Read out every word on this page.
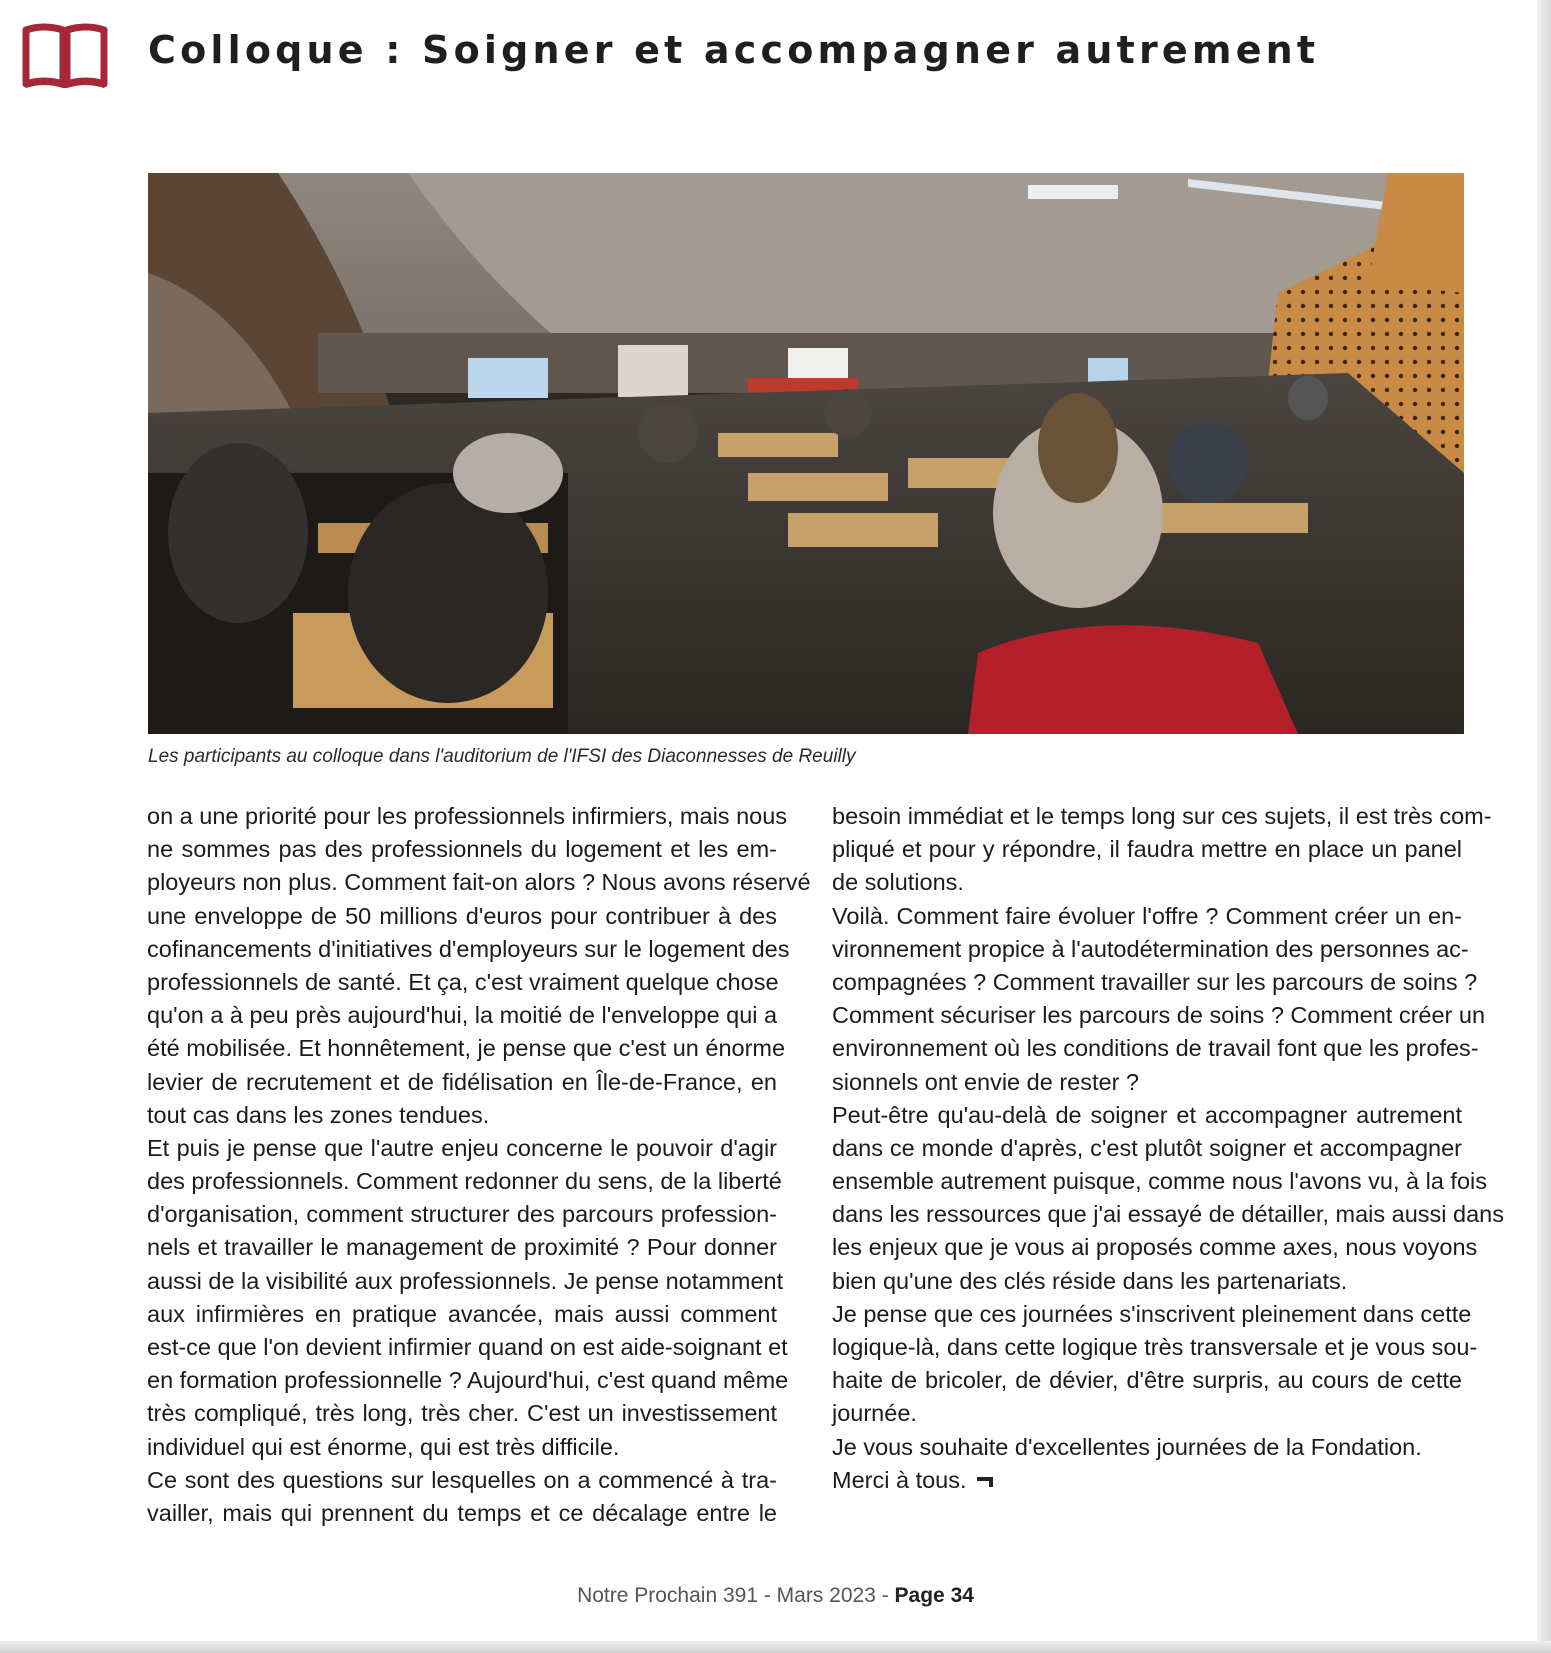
Colloque : Soigner et accompagner autrement
Les participants au colloque dans l'auditorium de l'IFSI des Diaconnesses de Reuilly
on a une priorité pour les professionnels infirmiers, mais nous
ne sommes pas des professionnels du logement et les em-
ployeurs non plus. Comment fait-on alors ? Nous avons réservé
une enveloppe de 50 millions d'euros pour contribuer à des
cofinancements d'initiatives d'employeurs sur le logement des
professionnels de santé. Et ça, c'est vraiment quelque chose
qu'on a à peu près aujourd'hui, la moitié de l'enveloppe qui a
été mobilisée. Et honnêtement, je pense que c'est un énorme
levier de recrutement et de fidélisation en Île-de-France, en
tout cas dans les zones tendues.
Et puis je pense que l'autre enjeu concerne le pouvoir d'agir
des professionnels. Comment redonner du sens, de la liberté
d'organisation, comment structurer des parcours profession-
nels et travailler le management de proximité ? Pour donner
aussi de la visibilité aux professionnels. Je pense notamment
aux infirmières en pratique avancée, mais aussi comment
est-ce que l'on devient infirmier quand on est aide-soignant et
en formation professionnelle ? Aujourd'hui, c'est quand même
très compliqué, très long, très cher. C'est un investissement
individuel qui est énorme, qui est très difficile.
Ce sont des questions sur lesquelles on a commencé à tra-
vailler, mais qui prennent du temps et ce décalage entre le
besoin immédiat et le temps long sur ces sujets, il est très com-
pliqué et pour y répondre, il faudra mettre en place un panel
de solutions.
Voilà. Comment faire évoluer l'offre ? Comment créer un en-
vironnement propice à l'autodétermination des personnes ac-
compagnées ? Comment travailler sur les parcours de soins ?
Comment sécuriser les parcours de soins ? Comment créer un
environnement où les conditions de travail font que les profes-
sionnels ont envie de rester ?
Peut-être qu'au-delà de soigner et accompagner autrement
dans ce monde d'après, c'est plutôt soigner et accompagner
ensemble autrement puisque, comme nous l'avons vu, à la fois
dans les ressources que j'ai essayé de détailler, mais aussi dans
les enjeux que je vous ai proposés comme axes, nous voyons
bien qu'une des clés réside dans les partenariats.
Je pense que ces journées s'inscrivent pleinement dans cette
logique-là, dans cette logique très transversale et je vous sou-
haite de bricoler, de dévier, d'être surpris, au cours de cette
journée.
Je vous souhaite d'excellentes journées de la Fondation.
Merci à tous.
Notre Prochain 391 - Mars 2023 - Page 34
